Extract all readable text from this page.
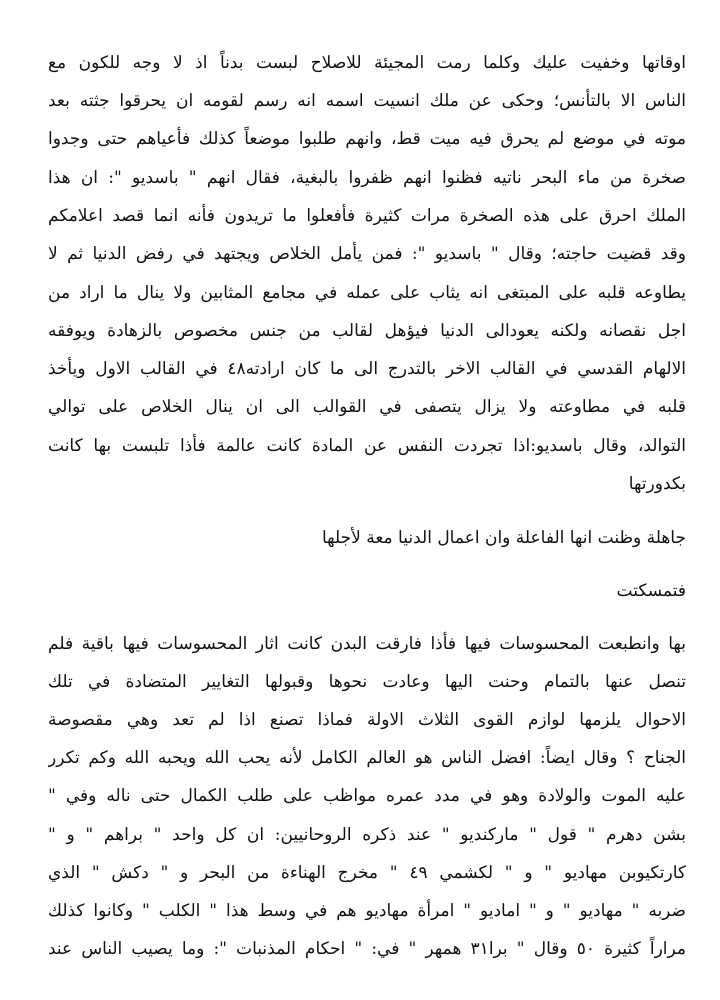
اوقاتها وخفيت عليك وكلما رمت المجيئة للاصلاح لبست بدناً اذ لا وجه للكون مع
الناس الا بالتأنس؛ وحكى عن ملك انسيت اسمه انه رسم لقومه ان يحرقوا جثته بعد
موته في موضع لم يحرق فيه ميت قط، وانهم طلبوا موضعاً كذلك فأعياهم حتى وجدوا
صخرة من ماء البحر ناتيه فظنوا انهم ظفروا بالبغية، فقال انهم " باسديو ": ان هذا
الملك احرق على هذه الصخرة مرات كثيرة فأفعلوا ما تريدون فأنه انما قصد اعلامكم
وقد قضيت حاجته؛ وقال " باسديو ": فمن يأمل الخلاص ويجتهد في رفض الدنيا ثم لا
يطاوعه قلبه على المبتغى انه يثاب على عمله في مجامع المثابين ولا ينال ما اراد من
اجل نقصانه ولكنه يعودالى الدنيا فيؤهل لقالب من جنس مخصوص بالزهادة ويوفقه
الالهام القدسي في القالب الاخر بالتدرج الى ما كان ارادته٤٨ في القالب الاول ويأخذ
قلبه في مطاوعته ولا يزال يتصفى في القوالب الى ان ينال الخلاص على توالي
التوالد، وقال باسديو:اذا تجردت النفس عن المادة كانت عالمة فأذا تلبست بها كانت
بكدورتها
جاهلة وظنت انها الفاعلة وان اعمال الدنيا معة لأجلها
فتمسكتت
بها وانطبعت المحسوسات فيها فأذا فارقت البدن كانت اثار المحسوسات فيها باقية فلم
تنصل عنها بالتمام وحنت اليها وعادت نحوها وقبولها التغايير المتضادة في تلك
الاحوال يلزمها لوازم القوى الثلاث الاولة فماذا تصنع اذا لم تعد وهي مقصوصة
الجناح ؟ وقال ايضاً: افضل الناس هو العالم الكامل لأنه يحب الله ويحبه الله وكم تكرر
عليه الموت والولادة وهو في مدد عمره مواظب على طلب الكمال حتى ناله وفي "
بشن دهرم " قول " ماركنديو " عند ذكره الروحانيين: ان كل واحد " براهم " و "
كارتكيوبن مهاديو " و " لكشمي ٤٩ " مخرج الهناءة من البحر و " دكش " الذي
ضربه " مهاديو " و " اماديو " امرأة مهاديو هم في وسط هذا " الكلب " وكانوا كذلك
مراراً كثيرة ٥٠ وقال " برا٣١ همهر " في: " احكام المذنبات ": وما يصيب الناس عند
